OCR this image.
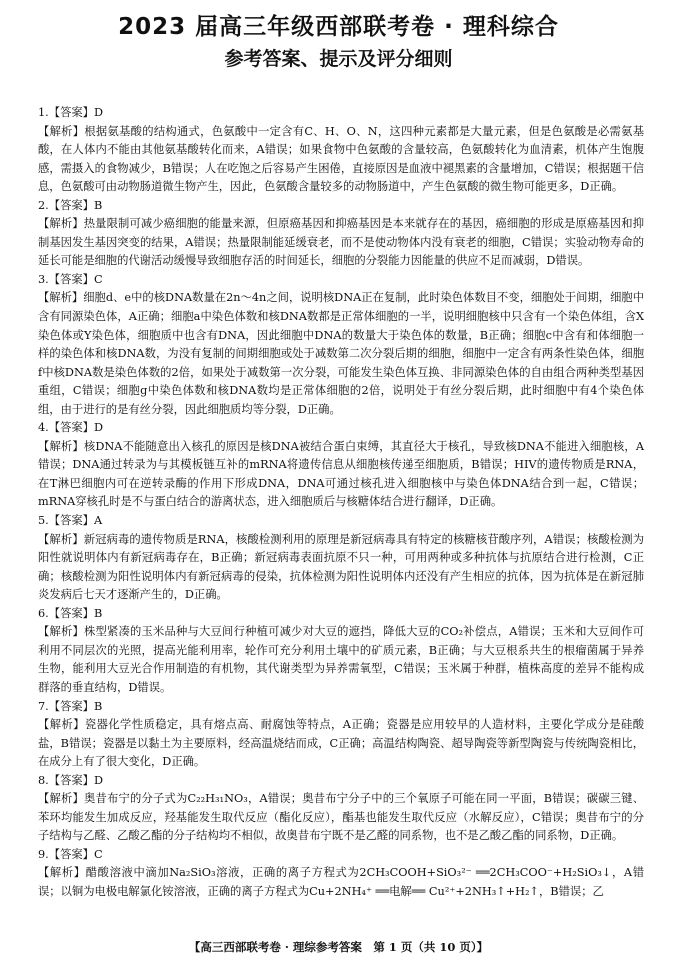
2023 届高三年级西部联考卷 · 理科综合
参考答案、提示及评分细则

1.【答案】D

【解析】根据氨基酸的结构通式，色氨酸中一定含有C、H、O、N，这四种元素都是大量元素，但是色氨酸是必需氨基酸，在人体内不能由其他氨基酸转化而来，A错误；如果食物中色氨酸的含量较高，色氨酸转化为血清素，机体产生饱腹感，需摄入的食物减少，B错误；人在吃饱之后容易产生困倦，直接原因是血液中褪黑素的含量增加，C错误；根据题干信息，色氨酸可由动物肠道微生物产生，因此，色氨酸含量较多的动物肠道中，产生色氨酸的微生物可能更多，D正确。

2.【答案】B

【解析】热量限制可减少癌细胞的能量来源，但原癌基因和抑癌基因是本来就存在的基因，癌细胞的形成是原癌基因和抑制基因发生基因突变的结果，A错误；热量限制能延缓衰老，而不是使动物体内没有衰老的细胞，C错误；实验动物寿命的延长可能是细胞的代谢活动缓慢导致细胞存活的时间延长，细胞的分裂能力因能量的供应不足而减弱，D错误。

3.【答案】C

【解析】细胞d、e中的核DNA数量在2n～4n之间，说明核DNA正在复制，此时染色体数目不变，细胞处于间期，细胞中含有同源染色体，A正确；细胞a中染色体数和核DNA数都是正常体细胞的一半，说明细胞核中只含有一个染色体组，含X染色体或Y染色体，细胞质中也含有DNA，因此细胞中DNA的数量大于染色体的数量，B正确；细胞c中含有和体细胞一样的染色体和核DNA数，为没有复制的间期细胞或处于减数第二次分裂后期的细胞，细胞中一定含有两条性染色体，细胞f中核DNA数是染色体数的2倍，如果处于减数第一次分裂，可能发生染色体互换、非同源染色体的自由组合两种类型基因重组，C错误；细胞g中染色体数和核DNA数均是正常体细胞的2倍，说明处于有丝分裂后期，此时细胞中有4个染色体组，由于进行的是有丝分裂，因此细胞质均等分裂，D正确。

4.【答案】D

【解析】核DNA不能随意出入核孔的原因是核DNA被结合蛋白束缚，其直径大于核孔，导致核DNA不能进入细胞核，A错误；DNA通过转录为与其模板链互补的mRNA将遗传信息从细胞核传递至细胞质，B错误；HIV的遗传物质是RNA，在T淋巴细胞内可在逆转录酶的作用下形成DNA，DNA可通过核孔进入细胞核中与染色体DNA结合到一起，C错误；mRNA穿核孔时是不与蛋白结合的游离状态，进入细胞质后与核糖体结合进行翻译，D正确。

5.【答案】A

【解析】新冠病毒的遗传物质是RNA，核酸检测利用的原理是新冠病毒具有特定的核糖核苷酸序列，A错误；核酸检测为阳性就说明体内有新冠病毒存在，B正确；新冠病毒表面抗原不只一种，可用两种或多种抗体与抗原结合进行检测，C正确；核酸检测为阳性说明体内有新冠病毒的侵染，抗体检测为阳性说明体内还没有产生相应的抗体，因为抗体是在新冠肺炎发病后七天才逐渐产生的，D正确。

6.【答案】B

【解析】株型紧凑的玉米品种与大豆间行种植可减少对大豆的遮挡，降低大豆的CO₂补偿点，A错误；玉米和大豆间作可利用不同层次的光照，提高光能利用率，轮作可充分利用土壤中的矿质元素，B正确；与大豆根系共生的根瘤菌属于异养生物，能利用大豆光合作用制造的有机物，其代谢类型为异养需氧型，C错误；玉米属于种群，植株高度的差异不能构成群落的垂直结构，D错误。

7.【答案】B

【解析】瓷器化学性质稳定，具有熔点高、耐腐蚀等特点，A正确；瓷器是应用较早的人造材料，主要化学成分是硅酸盐，B错误；瓷器是以黏土为主要原料，经高温烧结而成，C正确；高温结构陶瓷、超导陶瓷等新型陶瓷与传统陶瓷相比，在成分上有了很大变化，D正确。

8.【答案】D

【解析】奥昔布宁的分子式为C₂₂H₃₁NO₃，A错误；奥昔布宁分子中的三个氧原子可能在同一平面，B错误；碳碳三键、苯环均能发生加成反应，羟基能发生取代反应（酯化反应），酯基也能发生取代反应（水解反应），C错误；奥昔布宁的分子结构与乙醛、乙酸乙酯的分子结构均不相似，故奥昔布宁既不是乙醛的同系物，也不是乙酸乙酯的同系物，D正确。

9.【答案】C

【解析】醋酸溶液中滴加Na₂SiO₃溶液，正确的离子方程式为2CH₃COOH+SiO₃²⁻ ══2CH₃COO⁻+H₂SiO₃↓，A错误；以铜为电极电解氯化铵溶液，正确的离子方程式为Cu+2NH₄⁺ ══电解══ Cu²⁺+2NH₃↑+H₂↑，B错误；乙

【高三西部联考卷 · 理综参考答案　第 1 页（共 10 页）】
